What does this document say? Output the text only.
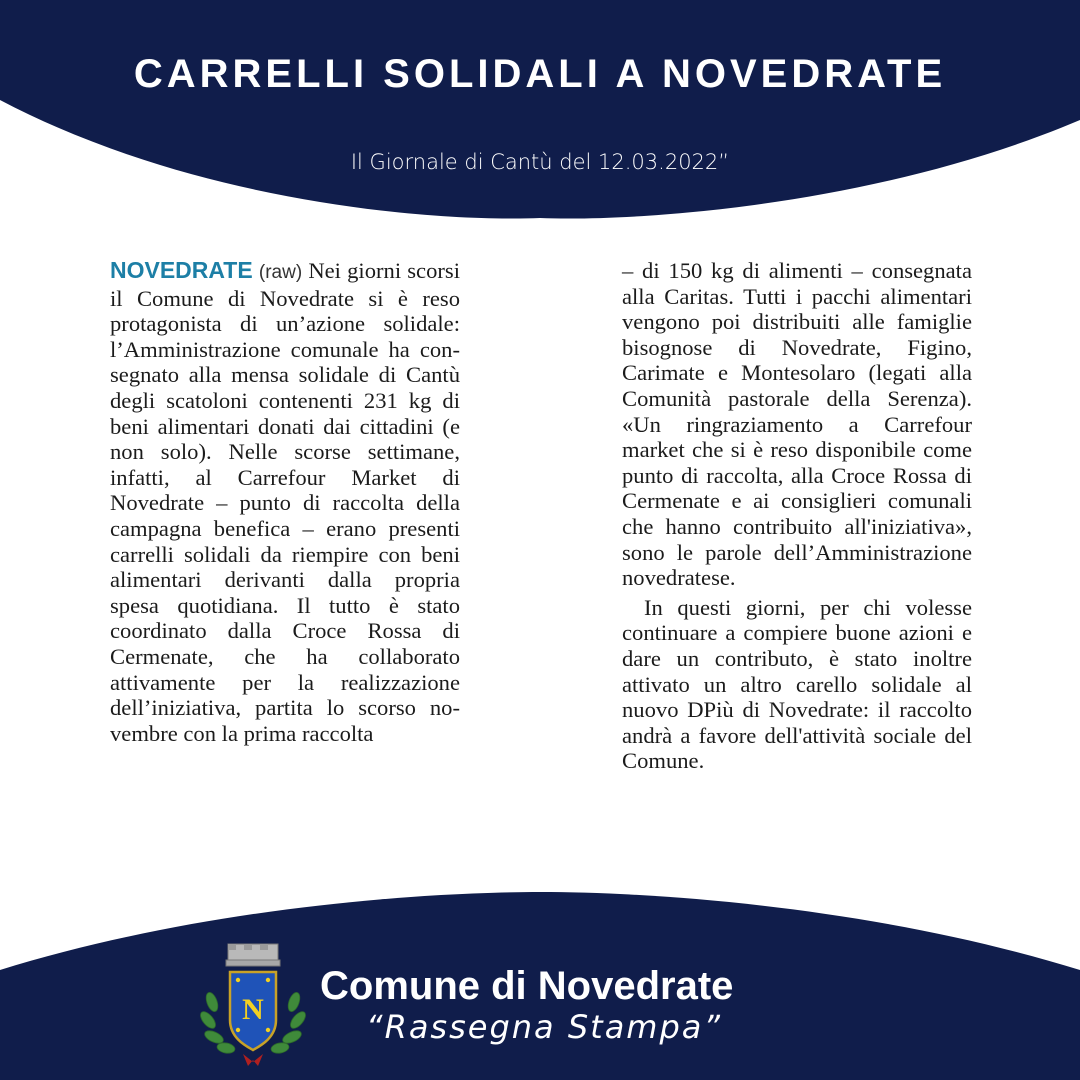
CARRELLI SOLIDALI A NOVEDRATE
Il Giornale di Cantù del 12.03.2022”

NOVEDRATE (raw) Nei giorni scorsi il Comune di Novedrate si è reso protagonista di un’azione solidale: l’Amministrazione comunale ha consegnato alla mensa solidale di Cantù degli scatoloni contenenti 231 kg di beni alimentari donati dai cittadini (e non solo). Nelle scorse settimane, infatti, al Carrefour Market di Novedrate – punto di raccolta della campagna benefica – erano presenti carrelli solidali da riempire con beni alimentari derivanti dalla propria spesa quotidiana. Il tutto è stato coordinato dalla Croce Rossa di Cermenate, che ha collaborato attivamente per la realizzazione dell’iniziativa, partita lo scorso novembre con la prima raccolta

– di 150 kg di alimenti – consegnata alla Caritas. Tutti i pacchi alimentari vengono poi distribuiti alle famiglie bisognose di Novedrate, Figino, Carimate e Montesolaro (legati alla Comunità pastorale della Serenza). «Un ringraziamento a Carrefour market che si è reso disponibile come punto di raccolta, alla Croce Rossa di Cermenate e ai consiglieri comunali che hanno contribuito all'iniziativa», sono le parole dell’Amministrazione novedratese.

In questi giorni, per chi volesse continuare a compiere buone azioni e dare un contributo, è stato inoltre attivato un altro carello solidale al nuovo DPiù di Novedrate: il raccolto andrà a favore dell'attività sociale del Comune.

N
Comune di Novedrate
“Rassegna Stampa”
